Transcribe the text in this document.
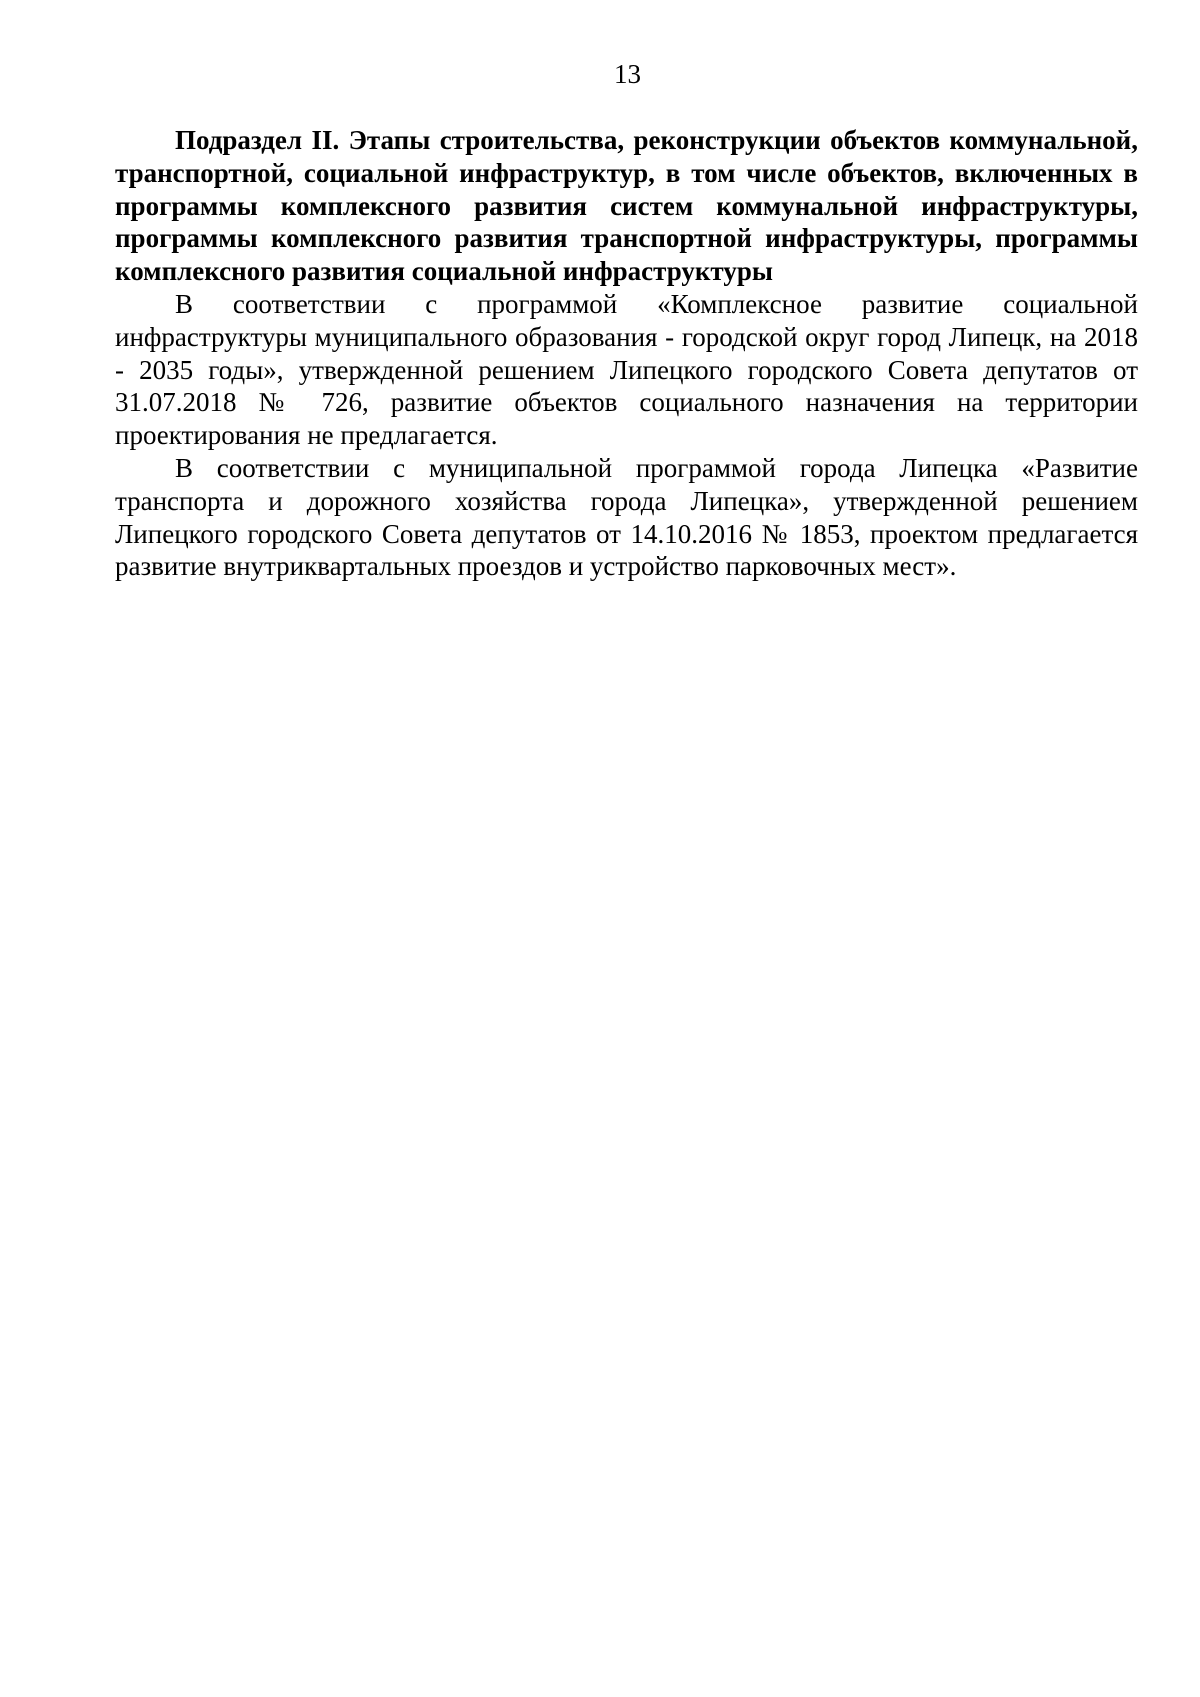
13

Подраздел II. Этапы строительства, реконструкции объектов коммунальной, транспортной, социальной инфраструктур, в том числе объектов, включенных в программы комплексного развития систем коммунальной инфраструктуры, программы комплексного развития транспортной инфраструктуры, программы комплексного развития социальной инфраструктуры

В соответствии с программой «Комплексное развитие социальной инфраструктуры муниципального образования - городской округ город Липецк, на 2018 - 2035 годы», утвержденной решением Липецкого городского Совета депутатов от 31.07.2018 № 726, развитие объектов социального назначения на территории проектирования не предлагается.

В соответствии с муниципальной программой города Липецка «Развитие транспорта и дорожного хозяйства города Липецка», утвержденной решением Липецкого городского Совета депутатов от 14.10.2016 № 1853, проектом предлагается развитие внутриквартальных проездов и устройство парковочных мест».
